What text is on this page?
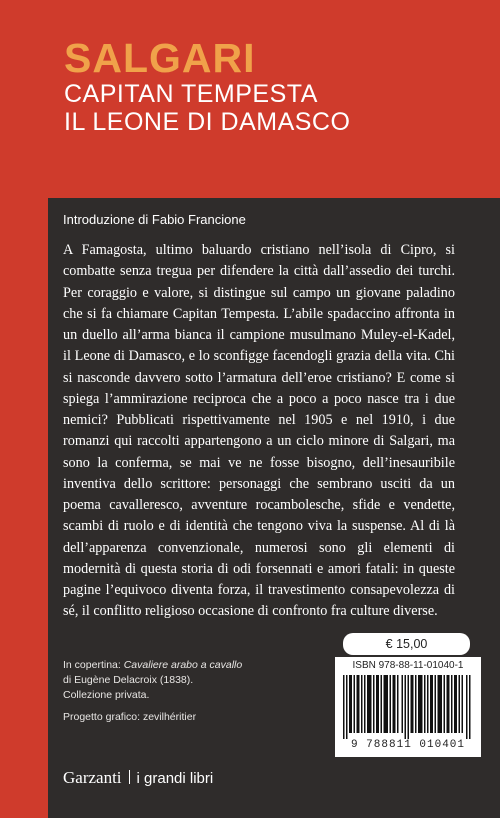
SALGARI
CAPITAN TEMPESTA
IL LEONE DI DAMASCO
Introduzione di Fabio Francione

A Famagosta, ultimo baluardo cristiano nell’isola di Cipro, si combatte senza tregua per difendere la città dall’assedio dei turchi. Per coraggio e valore, si distingue sul campo un giovane paladino che si fa chiamare Capitan Tempesta. L’abile spadaccino affronta in un duello all’arma bianca il campione musulmano Muley-el-Kadel, il Leone di Damasco, e lo sconfigge facendogli grazia della vita. Chi si nasconde davvero sotto l’armatura dell’eroe cristiano? E come si spiega l’ammirazione reciproca che a poco a poco nasce tra i due nemici? Pubblicati rispettivamente nel 1905 e nel 1910, i due romanzi qui raccolti appartengono a un ciclo minore di Salgari, ma sono la conferma, se mai ve ne fosse bisogno, dell’inesauribile inventiva dello scrittore: personaggi che sembrano usciti da un poema cavalleresco, avventure rocambolesche, sfide e vendette, scambi di ruolo e di identità che tengono viva la suspense. Al di là dell’apparenza convenzionale, numerosi sono gli elementi di modernità di questa storia di odi forsennati e amori fatali: in queste pagine l’equivoco diventa forza, il travestimento consapevolezza di sé, il conflitto religioso occasione di confronto fra culture diverse.

In copertina: Cavaliere arabo a cavallo
di Eugène Delacroix (1838).
Collezione privata.
Progetto grafico: zevilhéritier
€ 15,00
ISBN 978-88-11-01040-1
9 788811 010401
Garzanti i grandi libri
